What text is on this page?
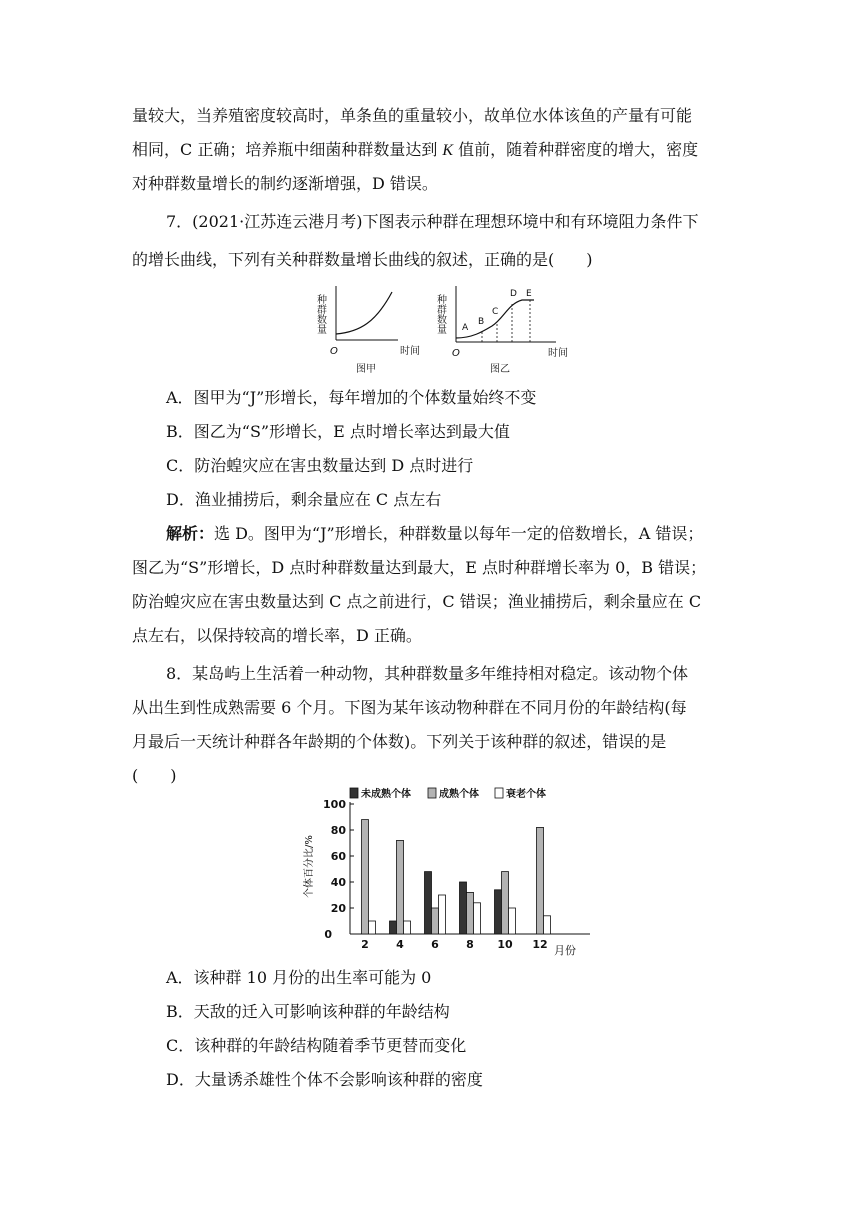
量较大，当养殖密度较高时，单条鱼的重量较小，故单位水体该鱼的产量有可能
相同，C 正确；培养瓶中细菌种群数量达到 K 值前，随着种群密度的增大，密度
对种群数量增长的制约逐渐增强，D 错误。
7．(2021·江苏连云港月考)下图表示种群在理想环境中和有环境阻力条件下
的增长曲线，下列有关种群数量增长曲线的叙述，正确的是(　　)
种群数量
O	时间
图甲
种群数量
O	时间
A
B
C
D E
图乙
A．图甲为“J”形增长，每年增加的个体数量始终不变
B．图乙为“S”形增长，E 点时增长率达到最大值
C．防治蝗灾应在害虫数量达到 D 点时进行
D．渔业捕捞后，剩余量应在 C 点左右
解析：选 D。图甲为“J”形增长，种群数量以每年一定的倍数增长，A 错误；
图乙为“S”形增长，D 点时种群数量达到最大，E 点时种群增长率为 0，B 错误；
防治蝗灾应在害虫数量达到 C 点之前进行，C 错误；渔业捕捞后，剩余量应在 C
点左右，以保持较高的增长率，D 正确。
8．某岛屿上生活着一种动物，其种群数量多年维持相对稳定。该动物个体
从出生到性成熟需要 6 个月。下图为某年该动物种群在不同月份的年龄结构(每
月最后一天统计种群各年龄期的个体数)。下列关于该种群的叙述，错误的是
(　　)
个体百分比/%
月份
未成熟个体	成熟个体	衰老个体
0
20
40
60
80
100
2 4 6 8 10 12
A．该种群 10 月份的出生率可能为 0
B．天敌的迁入可影响该种群的年龄结构
C．该种群的年龄结构随着季节更替而变化
D．大量诱杀雄性个体不会影响该种群的密度
